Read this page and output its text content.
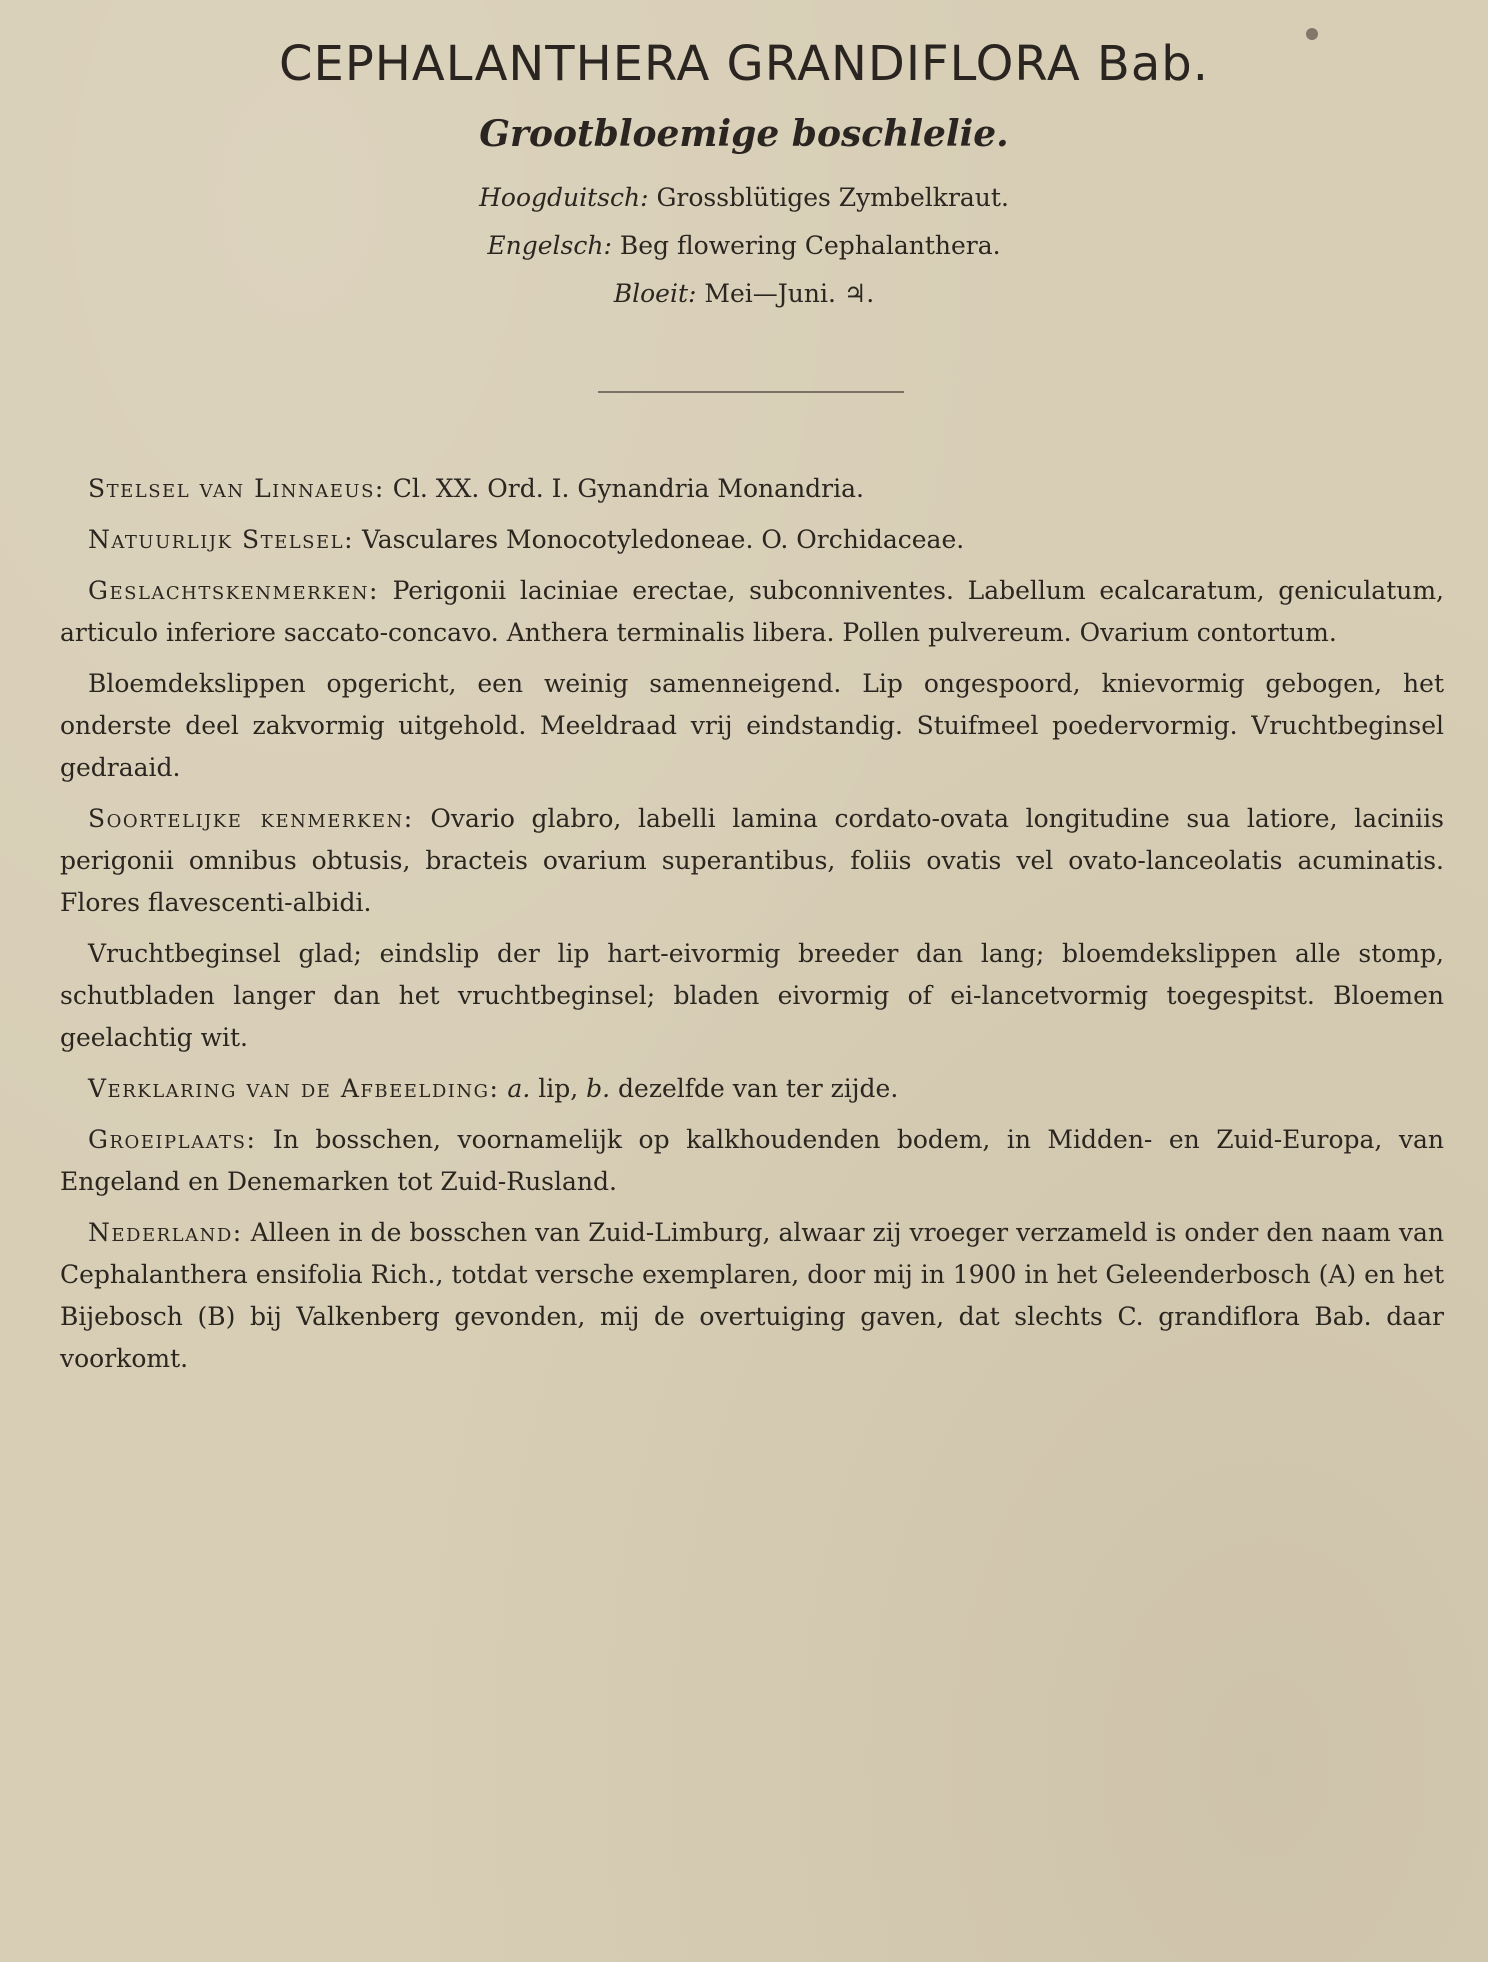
CEPHALANTHERA GRANDIFLORA Bab.
Grootbloemige boschlelie.
Hoogduitsch: Grossblütiges Zymbelkraut.
Engelsch: Beg flowering Cephalanthera.
Bloeit: Mei—Juni. ♃.

Stelsel van Linnaeus: Cl. XX. Ord. I. Gynandria Monandria.

Natuurlijk Stelsel: Vasculares Monocotyledoneae. O. Orchidaceae.

Geslachtskenmerken: Perigonii laciniae erectae, subconniventes. Labellum ecalcaratum, geniculatum, articulo inferiore saccato-concavo. Anthera terminalis libera. Pollen pulvereum. Ovarium contortum.

Bloemdekslippen opgericht, een weinig samenneigend. Lip ongespoord, knievormig gebogen, het onderste deel zakvormig uitgehold. Meeldraad vrij eindstandig. Stuifmeel poedervormig. Vruchtbeginsel gedraaid.

Soortelijke kenmerken: Ovario glabro, labelli lamina cordato-ovata longitudine sua latiore, laciniis perigonii omnibus obtusis, bracteis ovarium superantibus, foliis ovatis vel ovato-lanceolatis acuminatis. Flores flavescenti-albidi.

Vruchtbeginsel glad; eindslip der lip hart-eivormig breeder dan lang; bloemdekslippen alle stomp, schutbladen langer dan het vruchtbeginsel; bladen eivormig of ei-lancetvormig toegespitst. Bloemen geelachtig wit.

Verklaring van de Afbeelding: a. lip, b. dezelfde van ter zijde.

Groeiplaats: In bosschen, voornamelijk op kalkhoudenden bodem, in Midden- en Zuid-Europa, van Engeland en Denemarken tot Zuid-Rusland.

Nederland: Alleen in de bosschen van Zuid-Limburg, alwaar zij vroeger verzameld is onder den naam van Cephalanthera ensifolia Rich., totdat versche exemplaren, door mij in 1900 in het Geleenderbosch (A) en het Bijebosch (B) bij Valkenberg gevonden, mij de overtuiging gaven, dat slechts C. grandiflora Bab. daar voorkomt.
